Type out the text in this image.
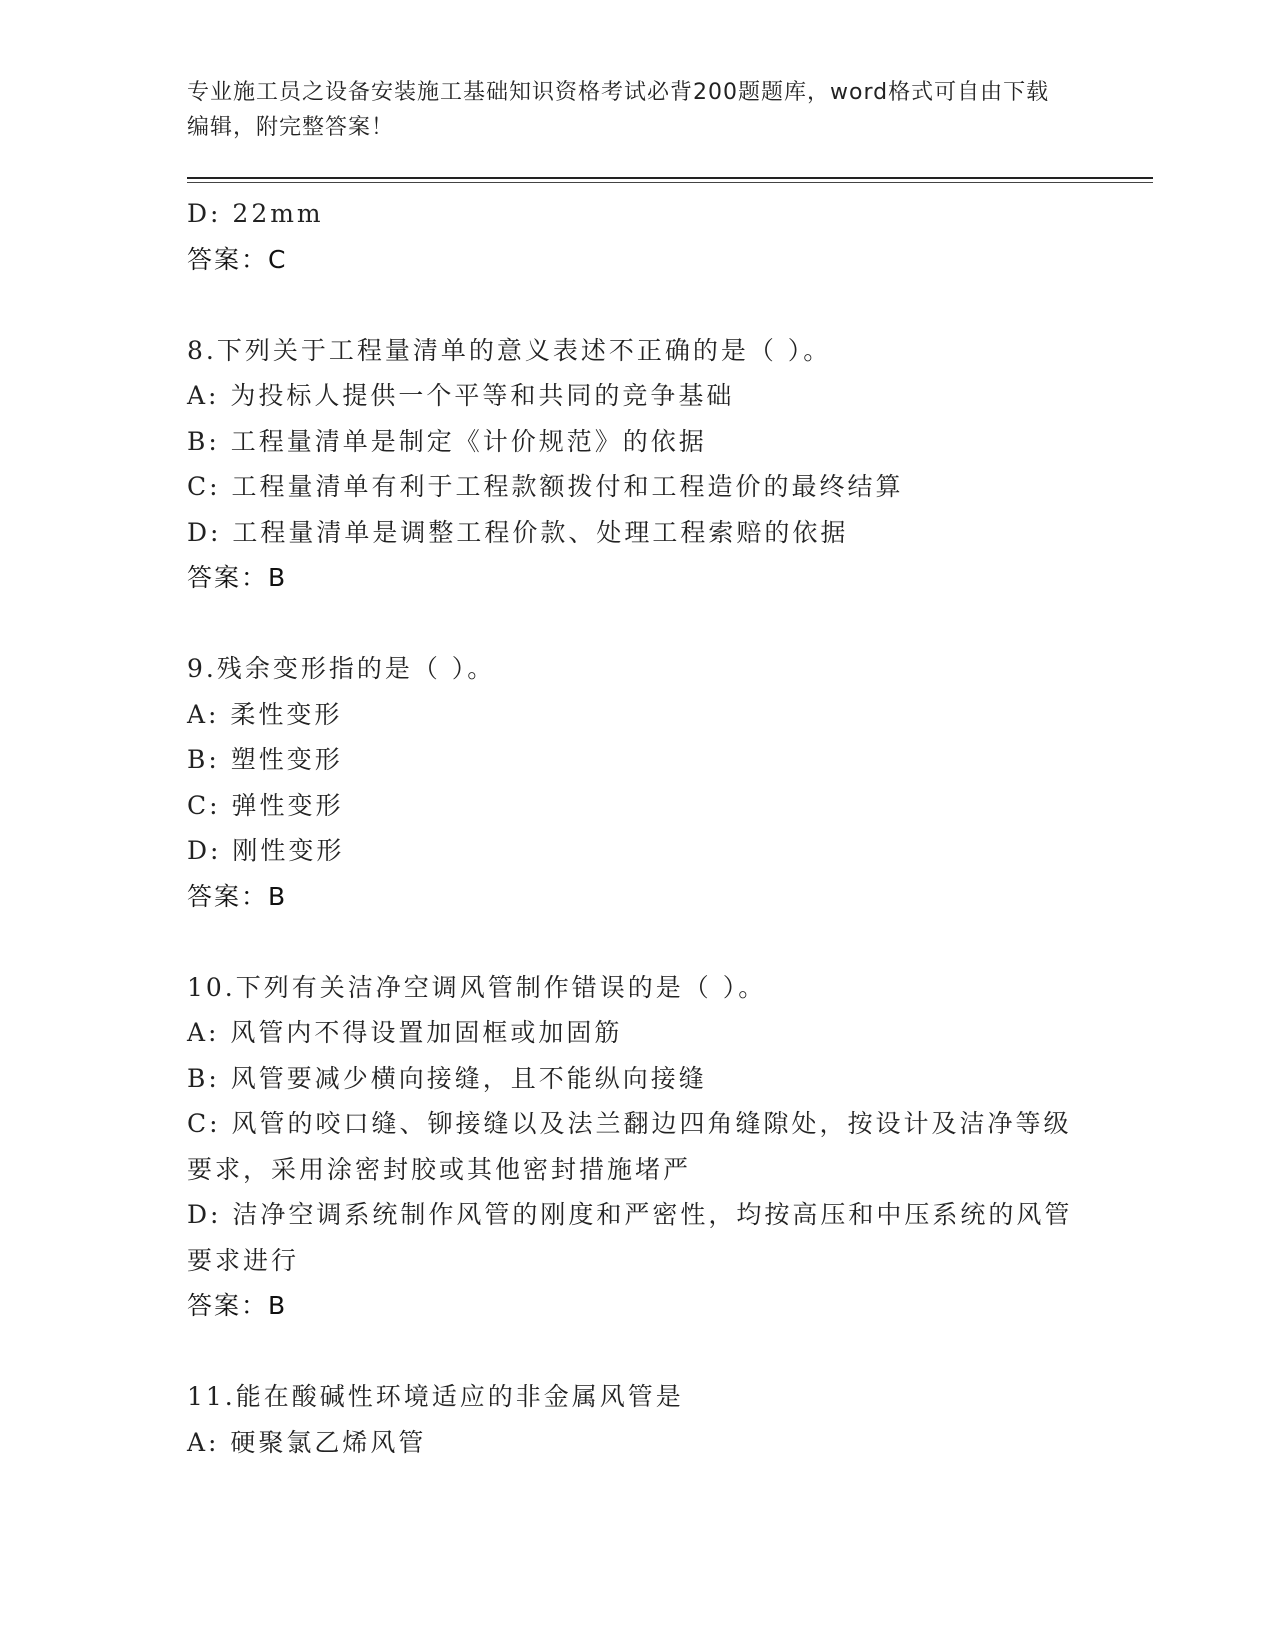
专业施工员之设备安装施工基础知识资格考试必背200题题库，word格式可自由下载编辑，附完整答案！
D: 22mm
答案：C
8.下列关于工程量清单的意义表述不正确的是（ ）。
A: 为投标人提供一个平等和共同的竞争基础
B: 工程量清单是制定《计价规范》的依据
C: 工程量清单有利于工程款额拨付和工程造价的最终结算
D: 工程量清单是调整工程价款、处理工程索赔的依据
答案：B
9.残余变形指的是（ ）。
A: 柔性变形
B: 塑性变形
C: 弹性变形
D: 刚性变形
答案：B
10.下列有关洁净空调风管制作错误的是（ ）。
A: 风管内不得设置加固框或加固筋
B: 风管要减少横向接缝，且不能纵向接缝
C: 风管的咬口缝、铆接缝以及法兰翻边四角缝隙处，按设计及洁净等级要求，采用涂密封胶或其他密封措施堵严
D: 洁净空调系统制作风管的刚度和严密性，均按高压和中压系统的风管要求进行
答案：B
11.能在酸碱性环境适应的非金属风管是
A: 硬聚氯乙烯风管
